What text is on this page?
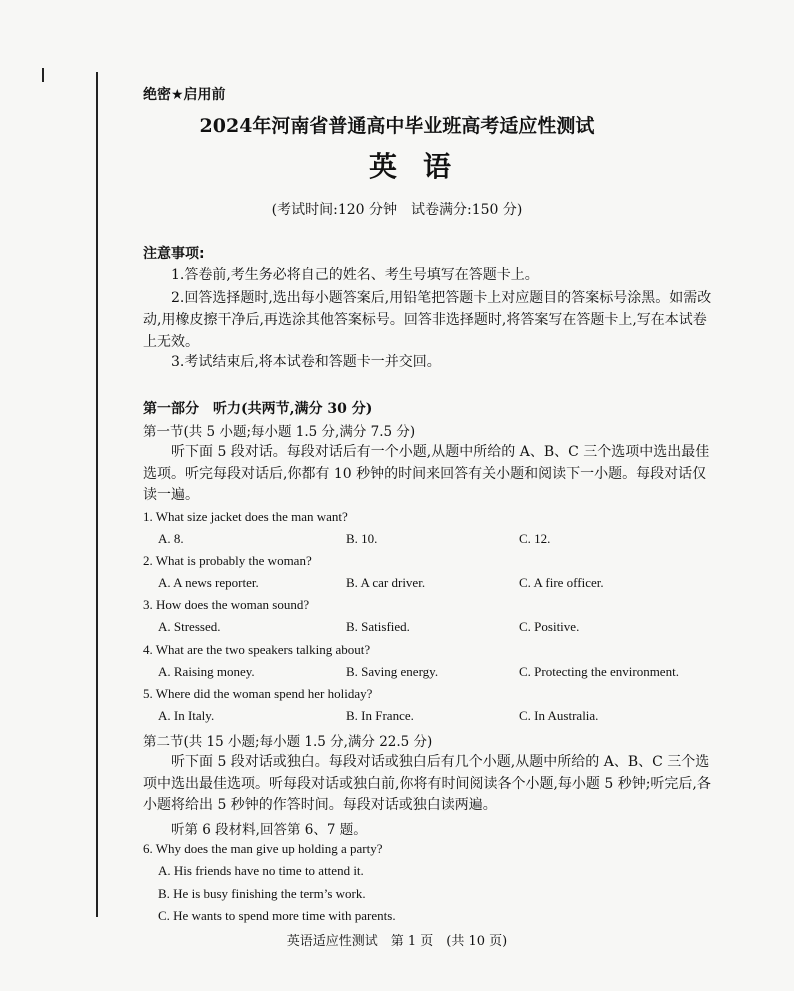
绝密★启用前
2024年河南省普通高中毕业班高考适应性测试
英语
(考试时间:120 分钟　试卷满分:150 分)
注意事项:
1.答卷前,考生务必将自己的姓名、考生号填写在答题卡上。
2.回答选择题时,选出每小题答案后,用铅笔把答题卡上对应题目的答案标号涂黑。如需改动,用橡皮擦干净后,再选涂其他答案标号。回答非选择题时,将答案写在答题卡上,写在本试卷上无效。
3.考试结束后,将本试卷和答题卡一并交回。
第一部分　听力(共两节,满分 30 分)
第一节(共 5 小题;每小题 1.5 分,满分 7.5 分)
听下面 5 段对话。每段对话后有一个小题,从题中所给的 A、B、C 三个选项中选出最佳选项。听完每段对话后,你都有 10 秒钟的时间来回答有关小题和阅读下一小题。每段对话仅读一遍。
1. What size jacket does the man want?
A. 8.	B. 10.	C. 12.
2. What is probably the woman?
A. A news reporter.	B. A car driver.	C. A fire officer.
3. How does the woman sound?
A. Stressed.	B. Satisfied.	C. Positive.
4. What are the two speakers talking about?
A. Raising money.	B. Saving energy.	C. Protecting the environment.
5. Where did the woman spend her holiday?
A. In Italy.	B. In France.	C. In Australia.
第二节(共 15 小题;每小题 1.5 分,满分 22.5 分)
听下面 5 段对话或独白。每段对话或独白后有几个小题,从题中所给的 A、B、C 三个选项中选出最佳选项。听每段对话或独白前,你将有时间阅读各个小题,每小题 5 秒钟;听完后,各小题将给出 5 秒钟的作答时间。每段对话或独白读两遍。
听第 6 段材料,回答第 6、7 题。
6. Why does the man give up holding a party?
A. His friends have no time to attend it.
B. He is busy finishing the term’s work.
C. He wants to spend more time with parents.
英语适应性测试　第 1 页　(共 10 页)
